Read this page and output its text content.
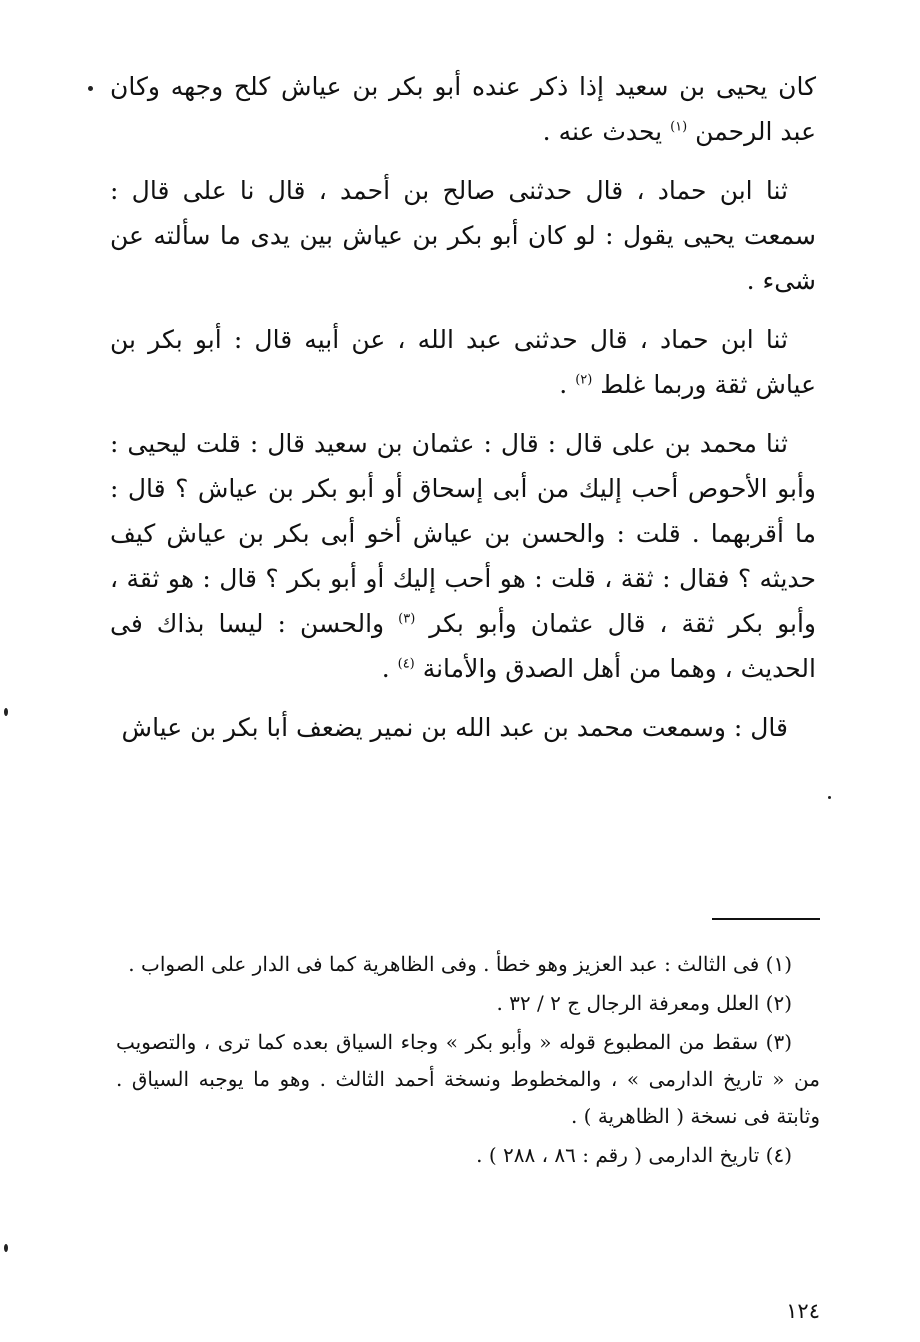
كان يحيى بن سعيد إذا ذكر عنده أبو بكر بن عياش كلح وجهه وكان عبد الرحمن $^{(١)}$ يحدث عنه .

ثنا ابن حماد ، قال حدثنى صالح بن أحمد ، قال نا على قال : سمعت يحيى يقول : لو كان أبو بكر بن عياش بين يدى ما سألته عن شىء .

ثنا ابن حماد ، قال حدثنى عبد الله ، عن أبيه قال : أبو بكر بن عياش ثقة وربما غلط $^{(٢)}$ .

ثنا محمد بن على قال : قال : عثمان بن سعيد قال : قلت ليحيى : وأبو الأحوص أحب إليك من أبى إسحاق أو أبو بكر بن عياش ؟ قال : ما أقربهما . قلت : والحسن بن عياش أخو أبى بكر بن عياش كيف حديثه ؟ فقال : ثقة ، قلت : هو أحب إليك أو أبو بكر ؟ قال : هو ثقة ، وأبو بكر ثقة ، قال عثمان وأبو بكر $^{(٣)}$ والحسن : ليسا بذاك فى الحديث ، وهما من أهل الصدق والأمانة $^{(٤)}$ .

قال : وسمعت محمد بن عبد الله بن نمير يضعف أبا بكر بن عياش

(١) فى الثالث : عبد العزيز وهو خطأ . وفى الظاهرية كما فى الدار على الصواب .

(٢) العلل ومعرفة الرجال ج ٢ / ٣٢ .

(٣) سقط من المطبوع قوله « وأبو بكر » وجاء السياق بعده كما ترى ، والتصويب من « تاريخ الدارمى » ، والمخطوط ونسخة أحمد الثالث . وهو ما يوجبه السياق . وثابتة فى نسخة ( الظاهرية ) .

(٤) تاريخ الدارمى ( رقم : ٨٦ ، ٢٨٨ ) .

١٢٤
